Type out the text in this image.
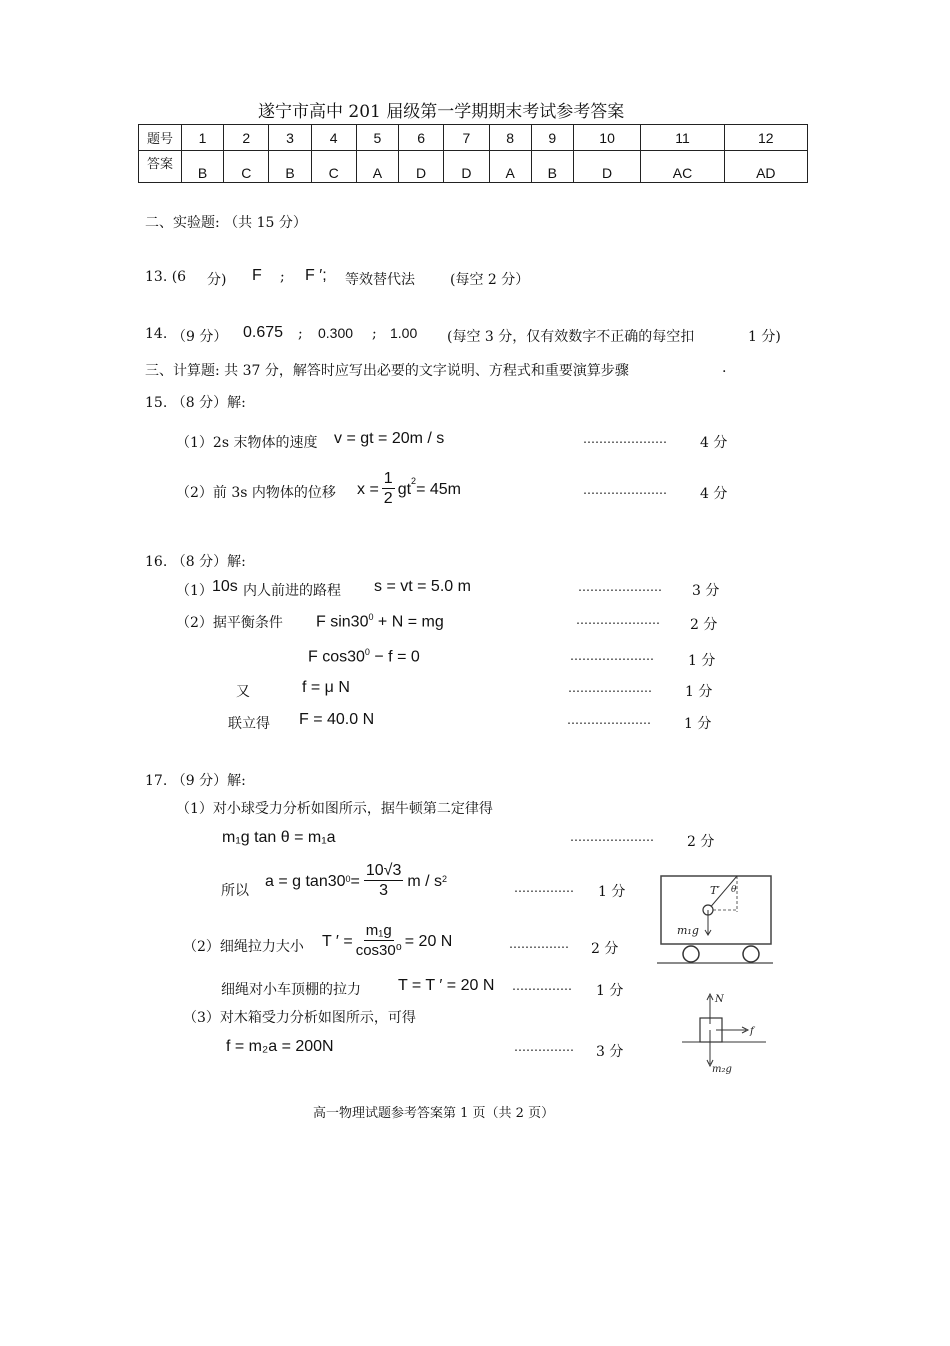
遂宁市高中 201 届级第一学期期末考试参考答案
题号	1	2	3	4	5	6	7	8	9	10	11	12
答案	B	C	B	C	A	D	D	A	B	D	AC	AD
二、实验题: （共 15 分）
13. (6 分) F ; F ′; 等效替代法	(每空 2 分）
14. （9 分） 0.675 ; 0.300 ; 1.00 (每空 3 分，仅有效数字不正确的每空扣	1 分)
三、计算题: 共 37 分，解答时应写出必要的文字说明、方程式和重要演算步骤	.
15. （8 分）解:
（1）2s 末物体的速度 v = gt = 20m / s	………………… 4 分
（2）前 3s 内物体的位移 $x = \frac{1}{2} gt^2 = 45m$	………………… 4 分
16. （8 分）解:
（1） 10s 内人前进的路程 s = vt = 5.0 m	………………… 3 分
（2）据平衡条件 F $\sin 30^0 + N$ = mg	………………… 2 分
F $\cos 30^0 - f = 0$	………………… 1 分
又	f = μ N	………………… 1 分
联立得 F = 40.0 N	………………… 1 分
17. （9 分）解:
（1）对小球受力分析如图所示，据牛顿第二定律得
m₁g tan θ = m₁a	………………… 2 分
所以
a = g tan30 $0 = \frac{10√3}{3}$ m / s 2
…………… 1 分
（2）细绳拉力大小 T ′ = $\frac{\text{m₁g}}{\text{cos30⁰}} = 20$ N	…………… 2 分
细绳对小车顶棚的拉力 T = T ′ = 20 N …………… 1 分
（3）对木箱受力分析如图所示，可得
f = m₂a = 200N	…………… 3 分
T′ θ
m₁g
N
f
m₂g
高一物理试题参考答案第 1 页（共 2 页）
